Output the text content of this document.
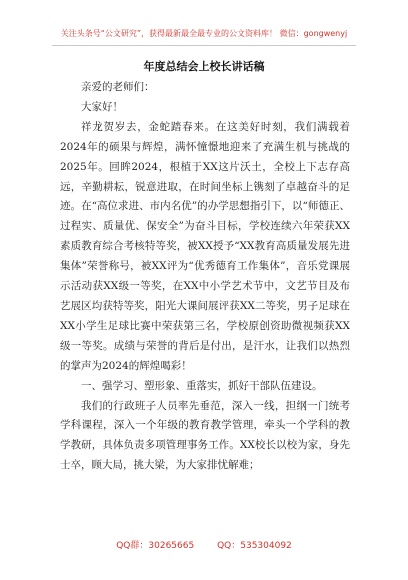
关注头条号“公文研究”，获得最新最全最专业的公文资料库！ 微信：gongwenyj
年度总结会上校长讲话稿

亲爱的老师们：

大家好！

祥龙贺岁去，金蛇踏春来。在这美好时刻，我们满载着2024年的硕果与辉煌，满怀憧憬地迎来了充满生机与挑战的2025年。回眸2024，根植于XX这片沃土，全校上下志存高远，辛勤耕耘，锐意进取，在时间坐标上镌刻了卓越奋斗的足迹。在“高位求进、市内名优”的办学思想指引下，以“师德正、过程实、质量优、保安全”为奋斗目标，学校连续六年荣获XX素质教育综合考核特等奖，被XX授予“XX教育高质量发展先进集体”荣誉称号，被XX评为“优秀德育工作集体”，音乐党课展示活动获XX级一等奖，在XX中小学艺术节中，文艺节目及布艺展区均获特等奖，阳光大课间展评获XX二等奖，男子足球在XX小学生足球比赛中荣获第三名，学校原创资助微视频获XX级一等奖。成绩与荣誉的背后是付出，是汗水，让我们以热烈的掌声为2024的辉煌喝彩！

一、强学习、塑形象、重落实，抓好干部队伍建设。

我们的行政班子人员率先垂范，深入一线，担纲一门统考学科课程，深入一个年级的教育教学管理，牵头一个学科的教学教研，具体负责多项管理事务工作。XX校长以校为家，身先士卒，顾大局，挑大梁，为大家排忧解难；

QQ群：30265665	QQ：535304092
